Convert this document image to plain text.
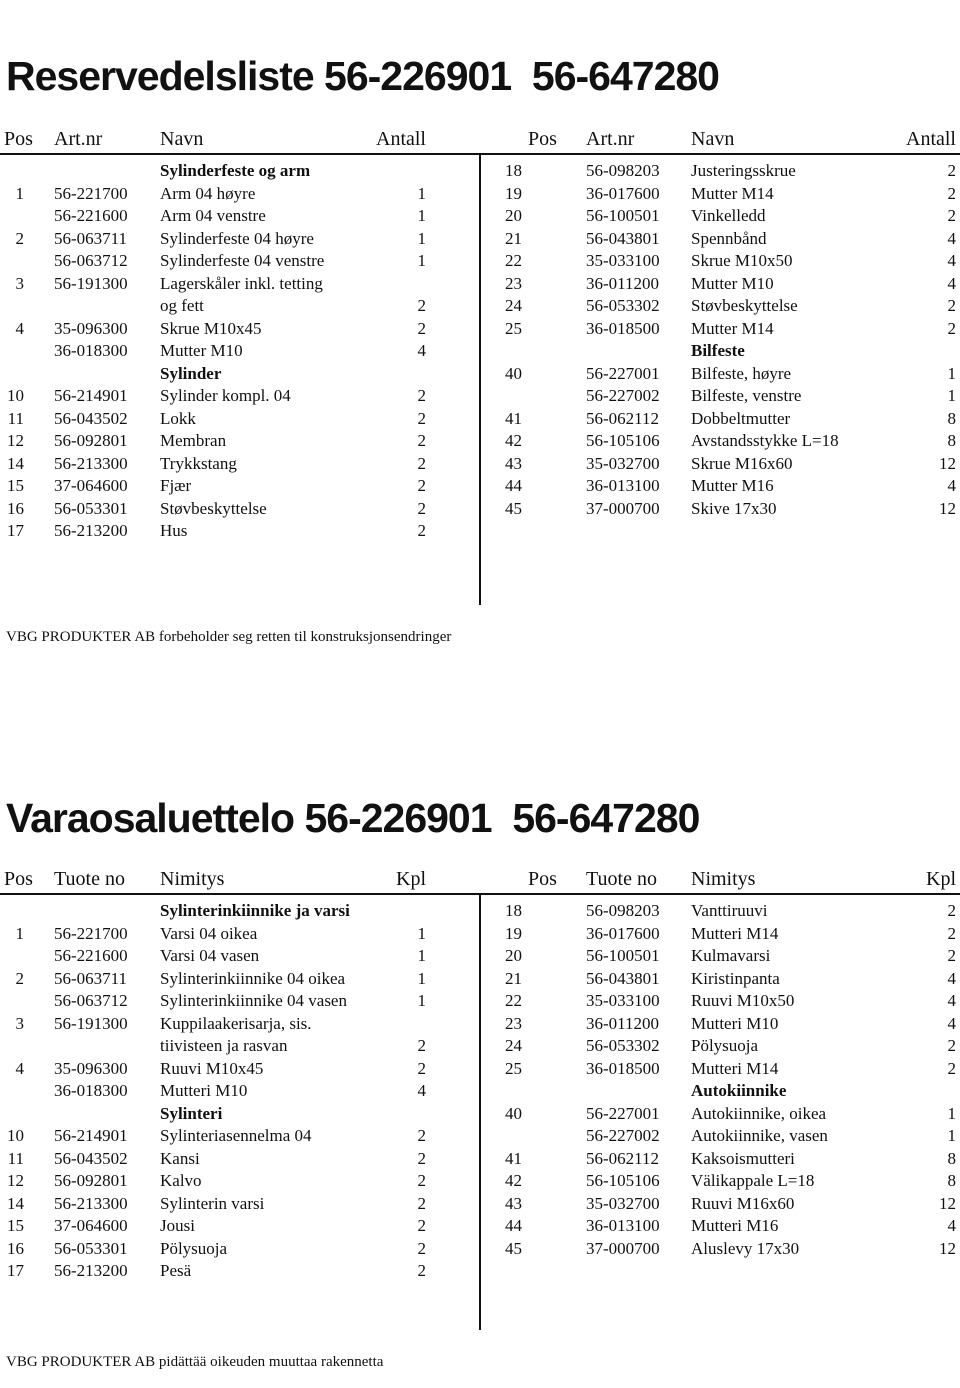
Reservedelsliste 56-226901  56-647280
Pos Art.nr	Navn	Antall	Pos Art.nr	Navn	Antall
Sylinderfeste og arm
1 56-221700 Arm 04 høyre	1
56-221600 Arm 04 venstre	1
2 56-063711 Sylinderfeste 04 høyre	1
56-063712 Sylinderfeste 04 venstre	1
3 56-191300 Lagerskåler inkl. tetting
og fett	2
4 35-096300 Skrue M10x45	2
36-018300 Mutter M10	4
Sylinder
10 56-214901 Sylinder kompl. 04	2
11 56-043502 Lokk	2
12 56-092801 Membran	2
14 56-213300 Trykkstang	2
15 37-064600 Fjær	2
16 56-053301 Støvbeskyttelse	2
17 56-213200 Hus	2
18	56-098203 Justeringsskrue	2
19	36-017600 Mutter M14	2
20	56-100501 Vinkelledd	2
21	56-043801 Spennbånd	4
22	35-033100 Skrue M10x50	4
23	36-011200 Mutter M10	4
24	56-053302 Støvbeskyttelse	2
25	36-018500 Mutter M14	2
Bilfeste
40	56-227001 Bilfeste, høyre	1
56-227002 Bilfeste, venstre	1
41	56-062112 Dobbeltmutter	8
42	56-105106 Avstandsstykke L=18	8
43	35-032700 Skrue M16x60	12
44	36-013100 Mutter M16	4
45	37-000700 Skive 17x30	12
VBG PRODUKTER AB forbeholder seg retten til konstruksjonsendringer
Varaosaluettelo 56-226901  56-647280
Pos Tuote no Nimitys	Kpl	Pos Tuote no Nimitys	Kpl
Sylinterinkiinnike ja varsi
1 56-221700 Varsi 04 oikea	1
56-221600 Varsi 04 vasen	1
2 56-063711 Sylinterinkiinnike 04 oikea	1
56-063712 Sylinterinkiinnike 04 vasen	1
3 56-191300 Kuppilaakerisarja, sis.
tiivisteen ja rasvan	2
4 35-096300 Ruuvi M10x45	2
36-018300 Mutteri M10	4
Sylinteri
10 56-214901 Sylinteriasennelma 04	2
11 56-043502 Kansi	2
12 56-092801 Kalvo	2
14 56-213300 Sylinterin varsi	2
15 37-064600 Jousi	2
16 56-053301 Pölysuoja	2
17 56-213200 Pesä	2
18	56-098203 Vanttiruuvi	2
19	36-017600 Mutteri M14	2
20	56-100501 Kulmavarsi	2
21	56-043801 Kiristinpanta	4
22	35-033100 Ruuvi M10x50	4
23	36-011200 Mutteri M10	4
24	56-053302 Pölysuoja	2
25	36-018500 Mutteri M14	2
Autokiinnike
40	56-227001 Autokiinnike, oikea	1
56-227002 Autokiinnike, vasen	1
41	56-062112 Kaksoismutteri	8
42	56-105106 Välikappale L=18	8
43	35-032700 Ruuvi M16x60	12
44	36-013100 Mutteri M16	4
45	37-000700 Aluslevy 17x30	12
VBG PRODUKTER AB pidättää oikeuden muuttaa rakennetta
